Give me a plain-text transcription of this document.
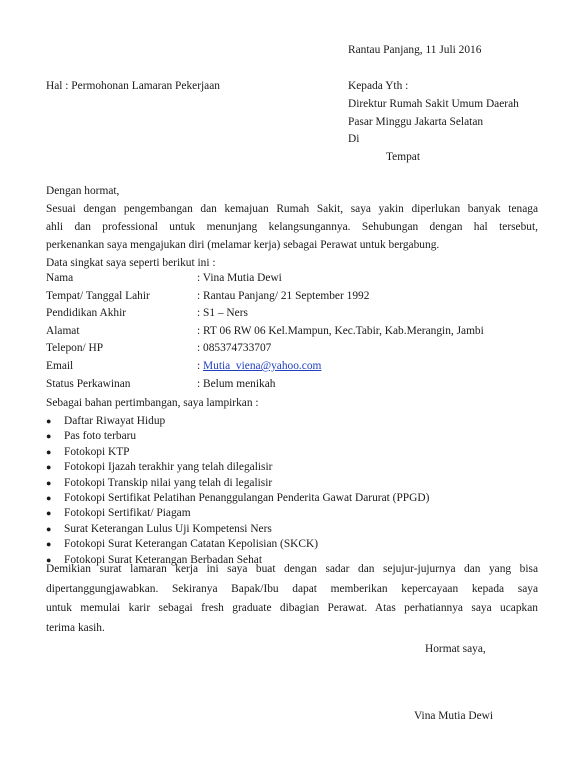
Rantau Panjang, 11 Juli 2016
Hal : Permohonan Lamaran Pekerjaan	Kepada Yth :
Direktur Rumah Sakit Umum Daerah
Pasar Minggu Jakarta Selatan
Di
Tempat
Dengan hormat,
Sesuai dengan pengembangan dan kemajuan Rumah Sakit, saya yakin diperlukan banyak tenaga
ahli dan professional untuk menunjang kelangsungannya. Sehubungan dengan hal tersebut,
perkenankan saya mengajukan diri (melamar kerja) sebagai Perawat untuk bergabung.
Data singkat saya seperti berikut ini :
Nama	: Vina Mutia Dewi
Tempat/ Tanggal Lahir	: Rantau Panjang/ 21 September 1992
Pendidikan Akhir	: S1 – Ners
Alamat	: RT 06 RW 06 Kel.Mampun, Kec.Tabir, Kab.Merangin, Jambi
Telepon/ HP	: 085374733707
Email	: Mutia_viena@yahoo.com
Status Perkawinan	: Belum menikah
Sebagai bahan pertimbangan, saya lampirkan :
● Daftar Riwayat Hidup
● Pas foto terbaru
● Fotokopi KTP
● Fotokopi Ijazah terakhir yang telah dilegalisir
● Fotokopi Transkip nilai yang telah di legalisir
● Fotokopi Sertifikat Pelatihan Penanggulangan Penderita Gawat Darurat (PPGD)
● Fotokopi Sertifikat/ Piagam
● Surat Keterangan Lulus Uji Kompetensi Ners
● Fotokopi Surat Keterangan Catatan Kepolisian (SKCK)
● Fotokopi Surat Keterangan Berbadan Sehat
Demikian surat lamaran kerja ini saya buat dengan sadar dan sejujur-jujurnya dan yang bisa
dipertanggungjawabkan. Sekiranya Bapak/Ibu dapat memberikan kepercayaan kepada saya
untuk memulai karir sebagai fresh graduate dibagian Perawat. Atas perhatiannya saya ucapkan
terima kasih.
Hormat saya,
Vina Mutia Dewi
